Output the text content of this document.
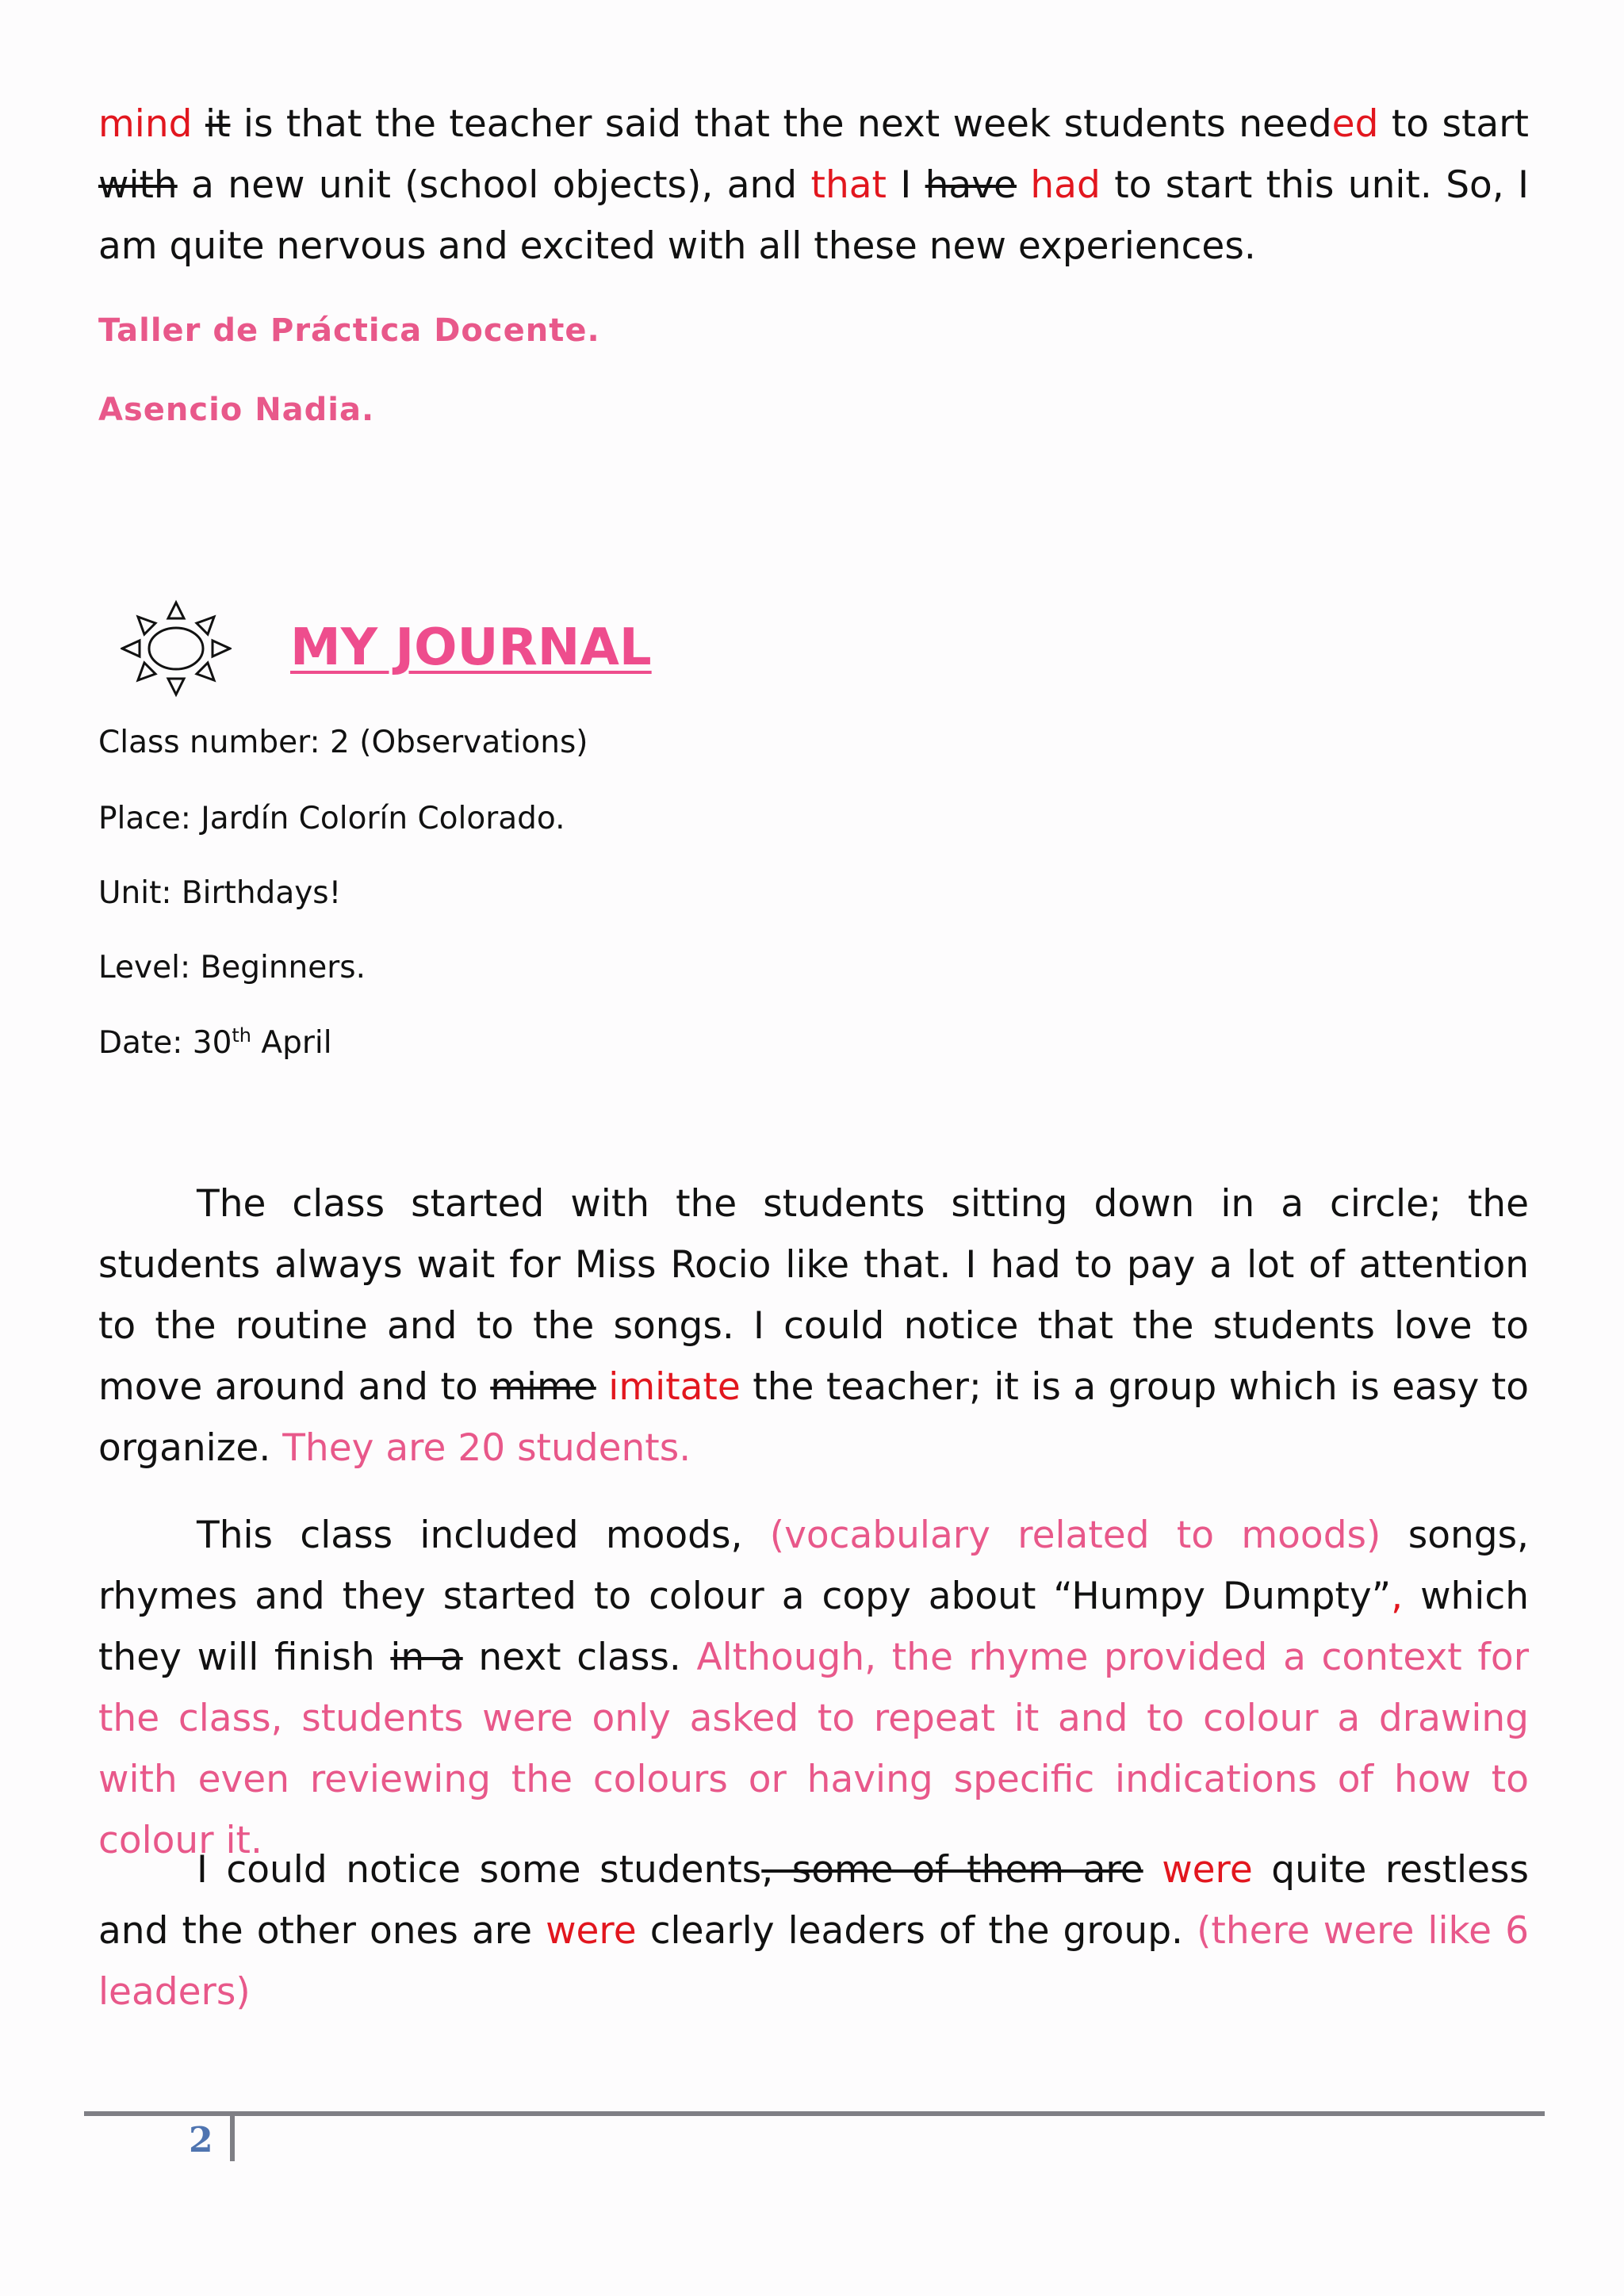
mind it is that the teacher said that the next week students needed to start with a new unit (school objects), and that I have had to start this unit. So, I am quite nervous and excited with all these new experiences.
Taller de Práctica Docente.
Asencio Nadia.
MY JOURNAL
Class number: 2 (Observations)
Place: Jardín Colorín Colorado.
Unit: Birthdays!
Level: Beginners.
Date: 30th April
The class started with the students sitting down in a circle; the students always wait for Miss Rocio like that. I had to pay a lot of attention to the routine and to the songs. I could notice that the students love to move around and to mime imitate the teacher; it is a group which is easy to organize. They are 20 students.
This class included moods, (vocabulary related to moods) songs, rhymes and they started to colour a copy about “Humpy Dumpty”, which they will finish in a next class. Although, the rhyme provided a context for the class, students were only asked to repeat it and to colour a drawing with even reviewing the colours or having specific indications of how to colour it.
I could notice some students, some of them are were quite restless and the other ones are were clearly leaders of the group. (there were like 6 leaders)
2
